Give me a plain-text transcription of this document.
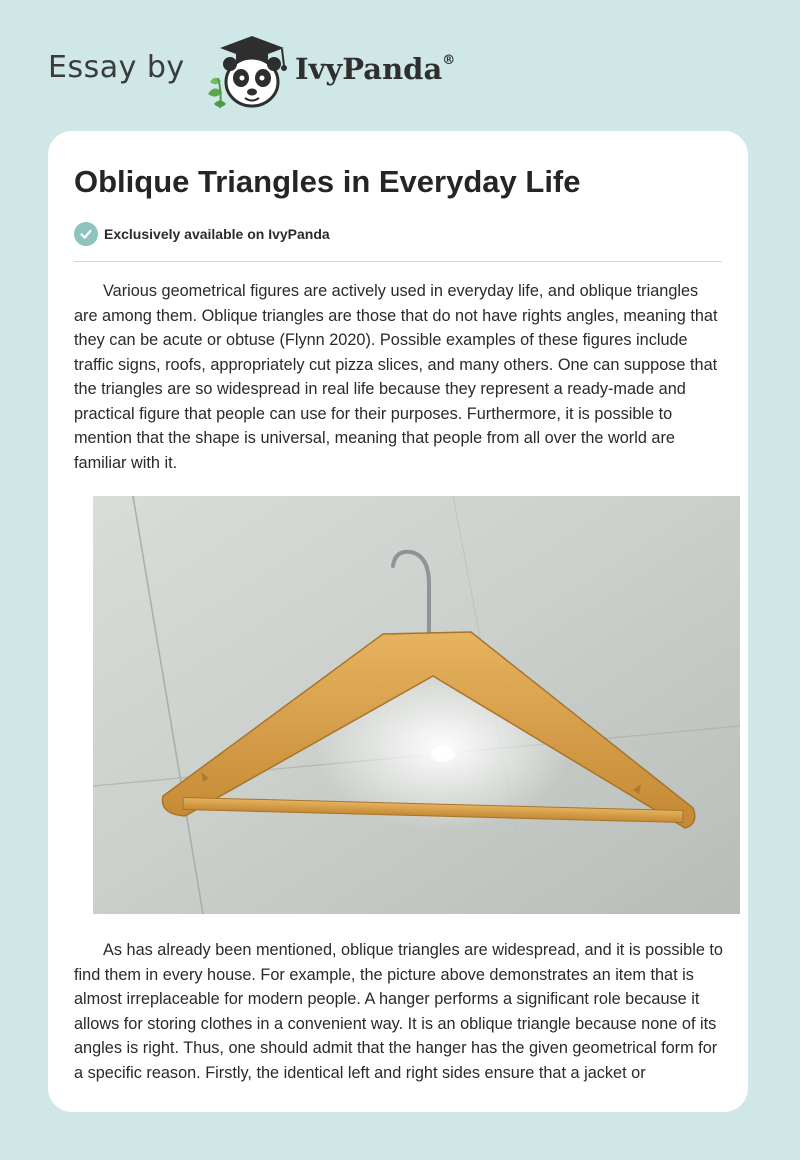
Essay by	IvyPanda®
Oblique Triangles in Everyday Life
Exclusively available on IvyPanda

Various geometrical figures are actively used in everyday life, and oblique triangles are among them. Oblique triangles are those that do not have rights angles, meaning that they can be acute or obtuse (Flynn 2020). Possible examples of these figures include traffic signs, roofs, appropriately cut pizza slices, and many others. One can suppose that the triangles are so widespread in real life because they represent a ready-made and practical figure that people can use for their purposes. Furthermore, it is possible to mention that the shape is universal, meaning that people from all over the world are familiar with it.

As has already been mentioned, oblique triangles are widespread, and it is possible to find them in every house. For example, the picture above demonstrates an item that is almost irreplaceable for modern people. A hanger performs a significant role because it allows for storing clothes in a convenient way. It is an oblique triangle because none of its angles is right. Thus, one should admit that the hanger has the given geometrical form for a specific reason. Firstly, the identical left and right sides ensure that a jacket or
